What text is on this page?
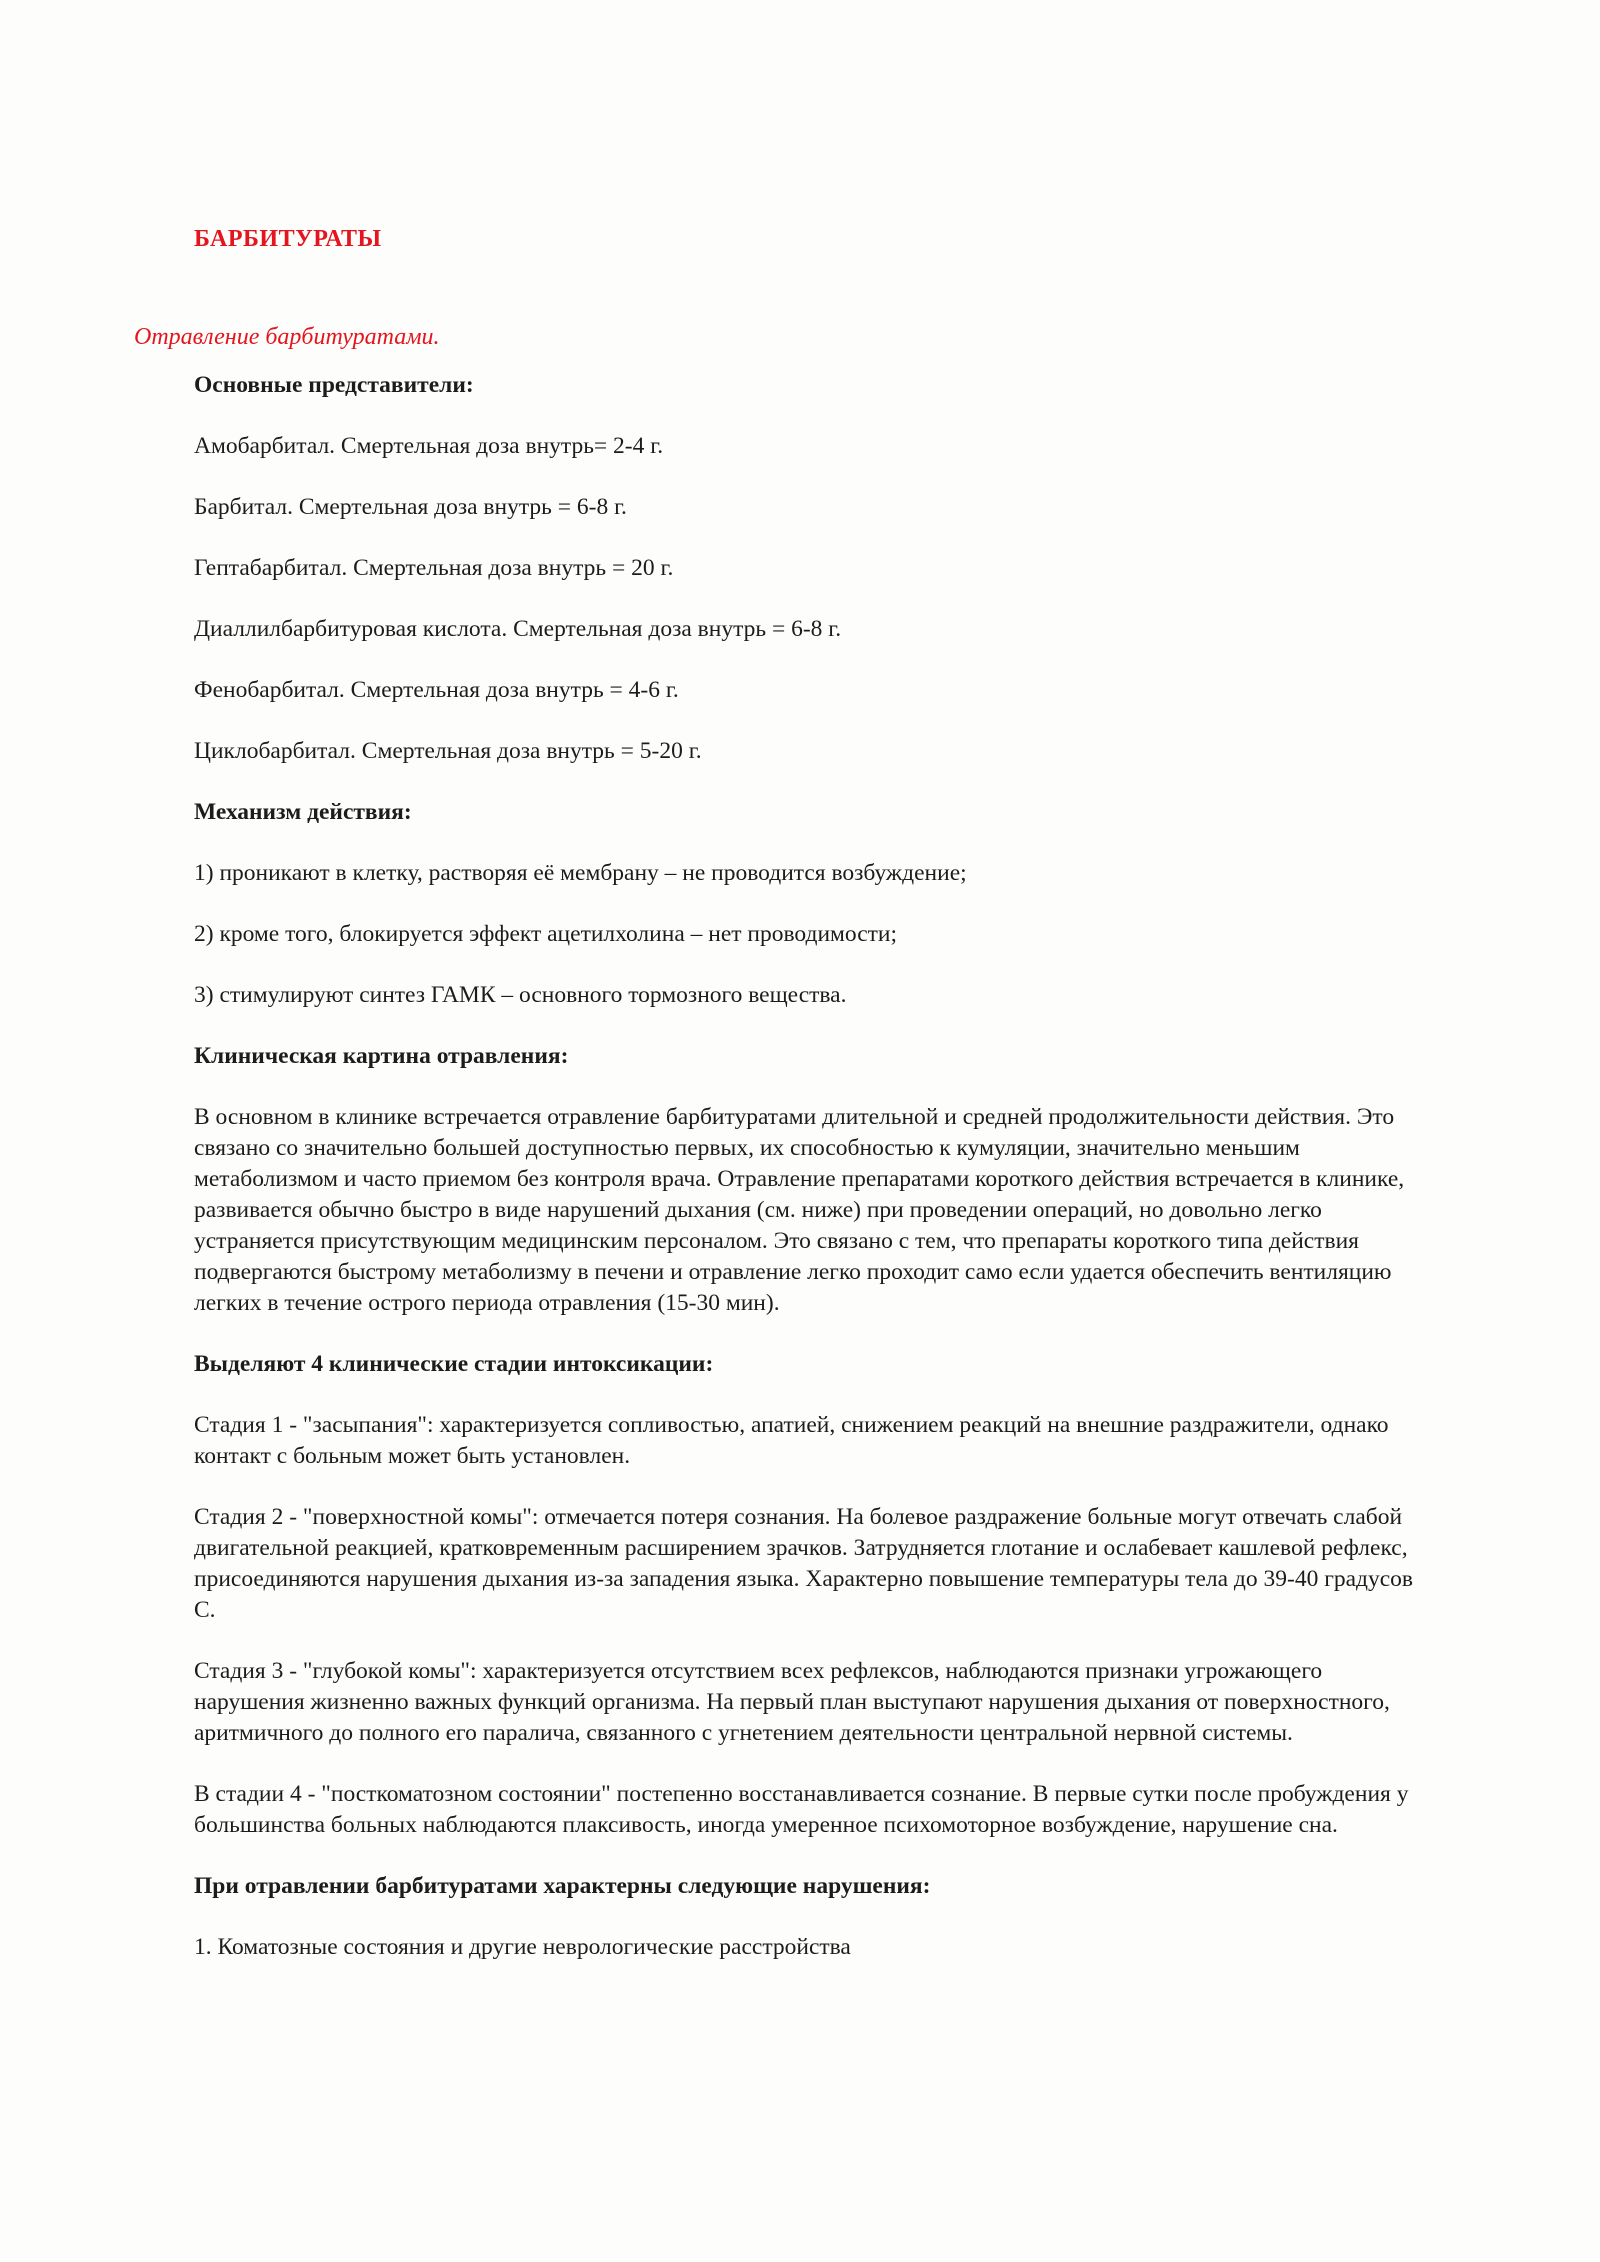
БАРБИТУРАТЫ
Отравление барбитуратами.

Основные представители:

Амобарбитал. Смертельная доза внутрь= 2-4 г.

Барбитал. Смертельная доза внутрь = 6-8 г.

Гептабарбитал. Смертельная доза внутрь = 20 г.

Диаллилбарбитуровая кислота. Смертельная доза внутрь = 6-8 г.

Фенобарбитал. Смертельная доза внутрь = 4-6 г.

Циклобарбитал. Смертельная доза внутрь = 5-20 г.

Механизм действия:

1) проникают в клетку, растворяя её мембрану – не проводится возбуждение;

2) кроме того, блокируется эффект ацетилхолина – нет проводимости;

3) стимулируют синтез ГАМК – основного тормозного вещества.

Клиническая картина отравления:

В основном в клинике встречается отравление барбитуратами длительной и средней продолжительности действия. Это связано со значительно большей доступностью первых, их способностью к кумуляции, значительно меньшим метаболизмом и часто приемом без контроля врача. Отравление препаратами короткого действия встречается в клинике, развивается обычно быстро в виде нарушений дыхания (см. ниже) при проведении операций, но довольно легко устраняется присутствующим медицинским персоналом. Это связано с тем, что препараты короткого типа действия подвергаются быстрому метаболизму в печени и отравление легко проходит само если удается обеспечить вентиляцию легких в течение острого периода отравления (15-30 мин).

Выделяют 4 клинические стадии интоксикации:

Стадия 1 - "засыпания": характеризуется сопливостью, апатией, снижением реакций на внешние раздражители, однако контакт с больным может быть установлен.

Стадия 2 - "поверхностной комы": отмечается потеря сознания. На болевое раздражение больные могут отвечать слабой двигательной реакцией, кратковременным расширением зрачков. Затрудняется глотание и ослабевает кашлевой рефлекс, присоединяются нарушения дыхания из-за западения языка. Характерно повышение температуры тела до 39-40 градусов С.

Стадия 3 - "глубокой комы": характеризуется отсутствием всех рефлексов, наблюдаются признаки угрожающего нарушения жизненно важных функций организма. На первый план выступают нарушения дыхания от поверхностного, аритмичного до полного его паралича, связанного с угнетением деятельности центральной нервной системы.

В стадии 4 - "посткоматозном состоянии" постепенно восстанавливается сознание. В первые сутки после пробуждения у большинства больных наблюдаются плаксивость, иногда умеренное психомоторное возбуждение, нарушение сна.

При отравлении барбитуратами характерны следующие нарушения:

1. Коматозные состояния и другие неврологические расстройства
